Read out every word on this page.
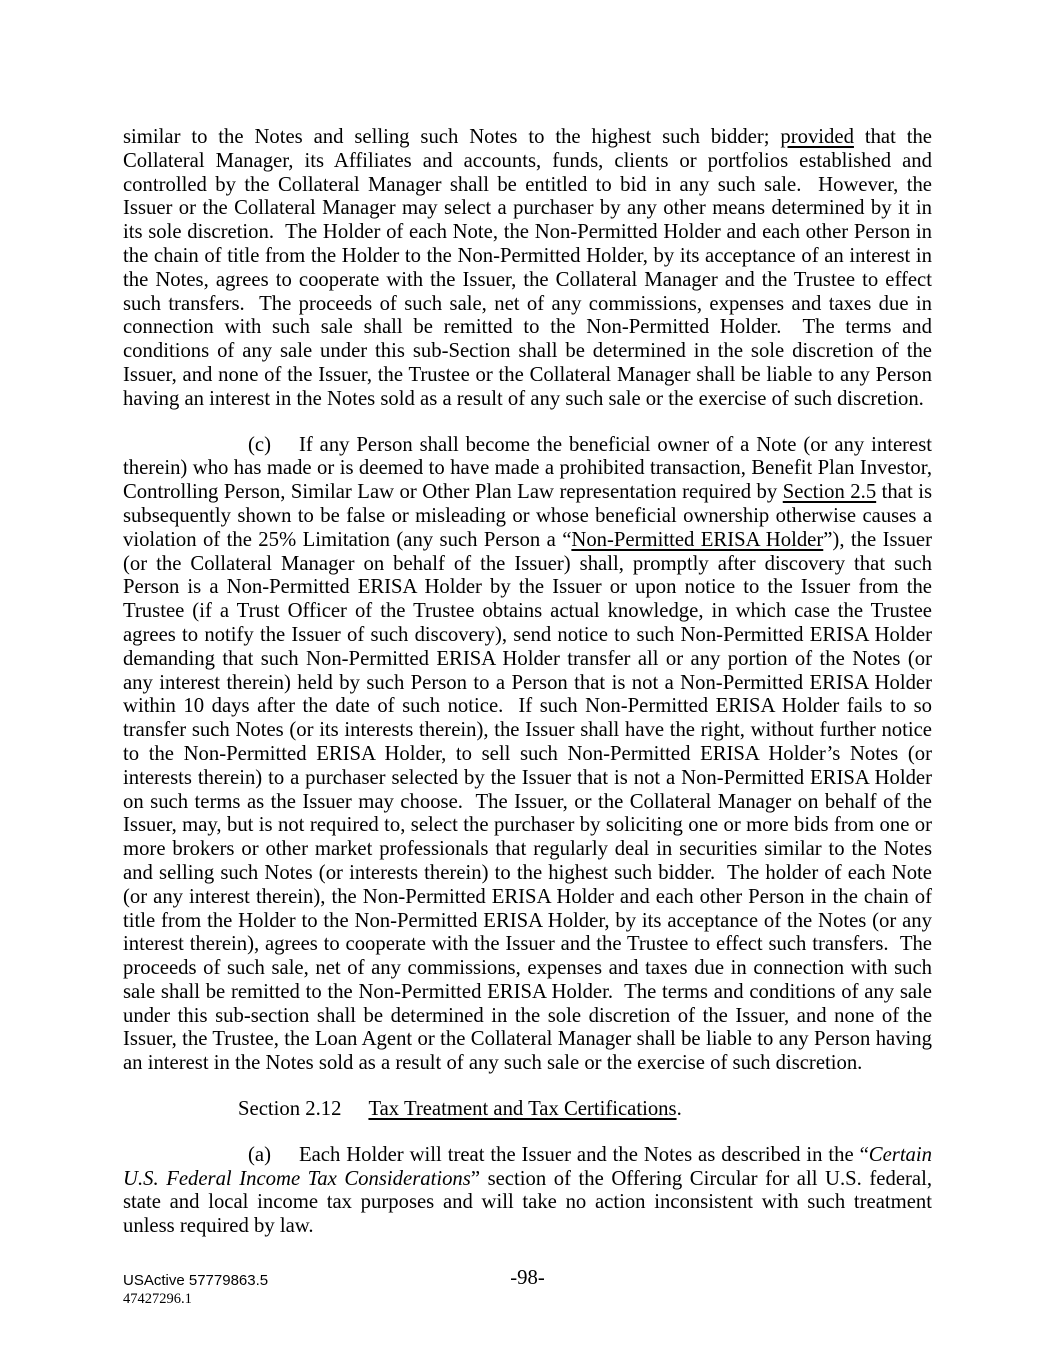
similar to the Notes and selling such Notes to the highest such bidder; provided that the Collateral Manager, its Affiliates and accounts, funds, clients or portfolios established and controlled by the Collateral Manager shall be entitled to bid in any such sale.  However, the Issuer or the Collateral Manager may select a purchaser by any other means determined by it in its sole discretion.  The Holder of each Note, the Non-Permitted Holder and each other Person in the chain of title from the Holder to the Non-Permitted Holder, by its acceptance of an interest in the Notes, agrees to cooperate with the Issuer, the Collateral Manager and the Trustee to effect such transfers.  The proceeds of such sale, net of any commissions, expenses and taxes due in connection with such sale shall be remitted to the Non-Permitted Holder.  The terms and conditions of any sale under this sub-Section shall be determined in the sole discretion of the Issuer, and none of the Issuer, the Trustee or the Collateral Manager shall be liable to any Person having an interest in the Notes sold as a result of any such sale or the exercise of such discretion.

(c) If any Person shall become the beneficial owner of a Note (or any interest therein) who has made or is deemed to have made a prohibited transaction, Benefit Plan Investor, Controlling Person, Similar Law or Other Plan Law representation required by Section 2.5 that is subsequently shown to be false or misleading or whose beneficial ownership otherwise causes a violation of the 25% Limitation (any such Person a “Non-Permitted ERISA Holder”), the Issuer (or the Collateral Manager on behalf of the Issuer) shall, promptly after discovery that such Person is a Non-Permitted ERISA Holder by the Issuer or upon notice to the Issuer from the Trustee (if a Trust Officer of the Trustee obtains actual knowledge, in which case the Trustee agrees to notify the Issuer of such discovery), send notice to such Non-Permitted ERISA Holder demanding that such Non-Permitted ERISA Holder transfer all or any portion of the Notes (or any interest therein) held by such Person to a Person that is not a Non-Permitted ERISA Holder within 10 days after the date of such notice.  If such Non-Permitted ERISA Holder fails to so transfer such Notes (or its interests therein), the Issuer shall have the right, without further notice to the Non-Permitted ERISA Holder, to sell such Non-Permitted ERISA Holder’s Notes (or interests therein) to a purchaser selected by the Issuer that is not a Non-Permitted ERISA Holder on such terms as the Issuer may choose.  The Issuer, or the Collateral Manager on behalf of the Issuer, may, but is not required to, select the purchaser by soliciting one or more bids from one or more brokers or other market professionals that regularly deal in securities similar to the Notes and selling such Notes (or interests therein) to the highest such bidder.  The holder of each Note (or any interest therein), the Non-Permitted ERISA Holder and each other Person in the chain of title from the Holder to the Non-Permitted ERISA Holder, by its acceptance of the Notes (or any interest therein), agrees to cooperate with the Issuer and the Trustee to effect such transfers.  The proceeds of such sale, net of any commissions, expenses and taxes due in connection with such sale shall be remitted to the Non-Permitted ERISA Holder.  The terms and conditions of any sale under this sub-section shall be determined in the sole discretion of the Issuer, and none of the Issuer, the Trustee, the Loan Agent or the Collateral Manager shall be liable to any Person having an interest in the Notes sold as a result of any such sale or the exercise of such discretion.

Section 2.12 Tax Treatment and Tax Certifications.

(a) Each Holder will treat the Issuer and the Notes as described in the “Certain U.S. Federal Income Tax Considerations” section of the Offering Circular for all U.S. federal, state and local income tax purposes and will take no action inconsistent with such treatment unless required by law.

USActive 57779863.5
47427296.1
-98-
